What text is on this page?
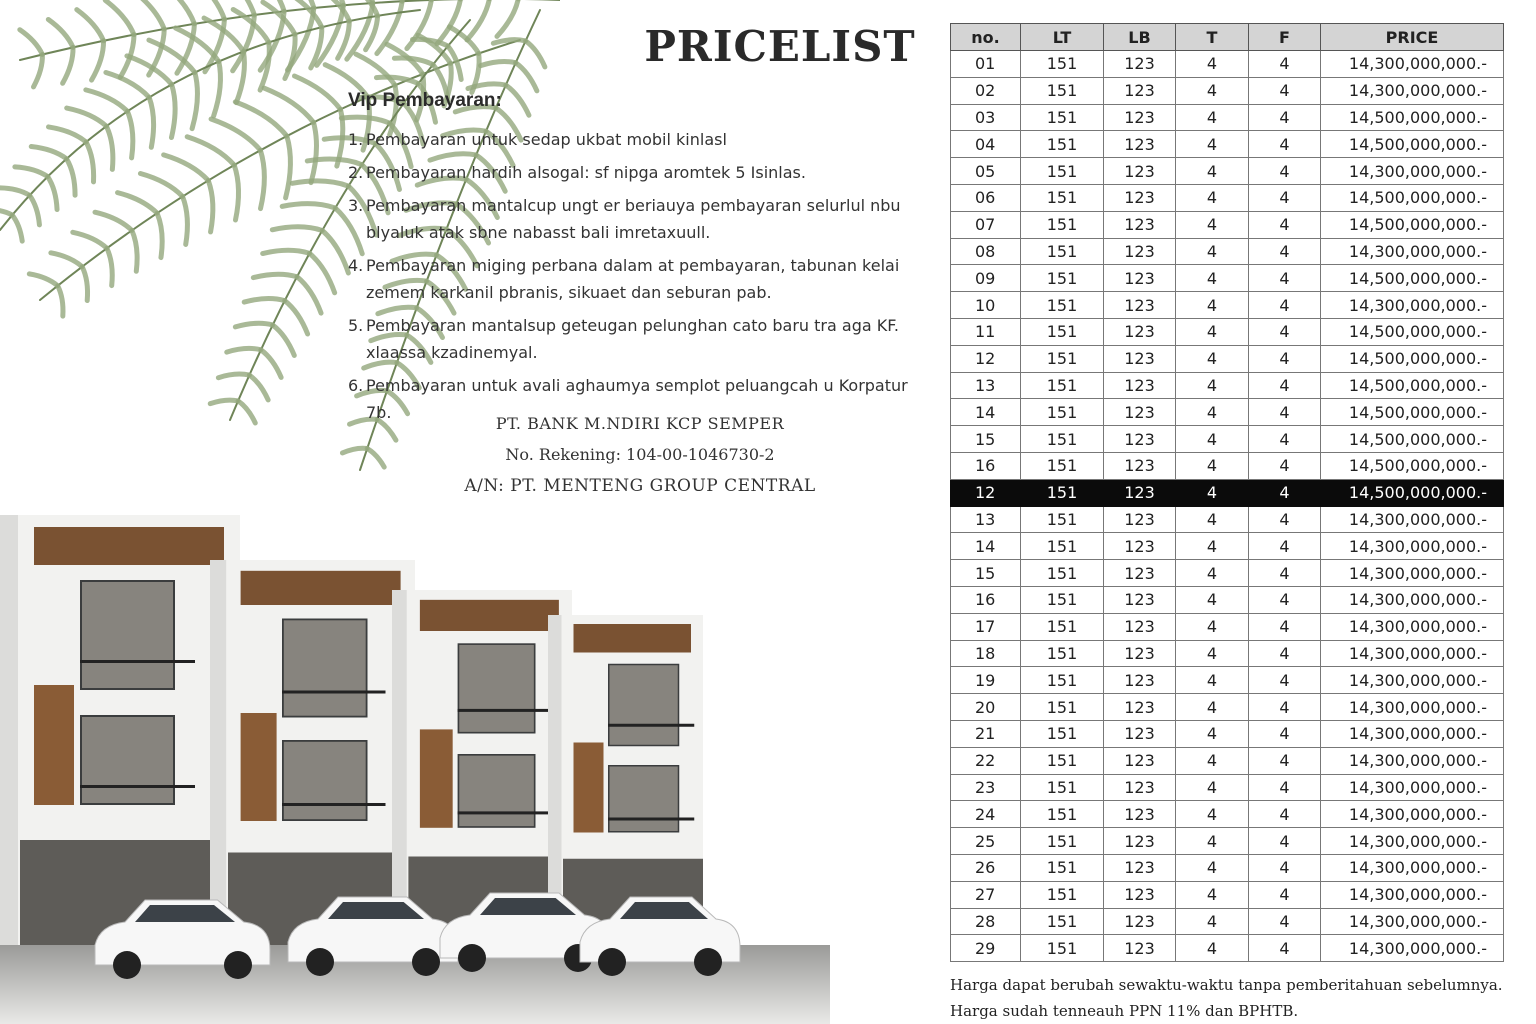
PRICELIST
Vip Pembayaran:
1. Pembayaran untuk sedap ukbat mobil kinlasl
2. Pembayaran hardih alsogal: sf nipga aromtek 5 Isinlas.
3. Pembayaran mantalcup ungt er beriauya pembayaran selurlul nbu blyaluk atak sbne nabasst bali imretaxuull.
4. Pembayaran miging perbana dalam at pembayaran, tabunan kelai zemem karkanil pbranis, sikuaet dan seburan pab.
5. Pembayaran mantalsup geteugan pelunghan cato baru tra aga KF. xlaassa kzadinemyal.
6. Pembayaran untuk avali aghaumya semplot peluangcah u Korpatur 7b.
PT. BANK M.NDIRI KCP SEMPER
No. Rekening: 104-00-1046730-2
A/N: PT. MENTENG GROUP CENTRAL
no.	LT	LB	T	F	PRICE
01	151	123	4	4	14,300,000,000.-
02	151	123	4	4	14,300,000,000.-
03	151	123	4	4	14,500,000,000.-
04	151	123	4	4	14,500,000,000.-
05	151	123	4	4	14,300,000,000.-
06	151	123	4	4	14,500,000,000.-
07	151	123	4	4	14,500,000,000.-
08	151	123	4	4	14,300,000,000.-
09	151	123	4	4	14,500,000,000.-
10	151	123	4	4	14,300,000,000.-
11	151	123	4	4	14,500,000,000.-
12	151	123	4	4	14,500,000,000.-
13	151	123	4	4	14,500,000,000.-
14	151	123	4	4	14,500,000,000.-
15	151	123	4	4	14,500,000,000.-
16	151	123	4	4	14,500,000,000.-
12	151	123	4	4	14,500,000,000.-
13	151	123	4	4	14,300,000,000.-
14	151	123	4	4	14,300,000,000.-
15	151	123	4	4	14,300,000,000.-
16	151	123	4	4	14,300,000,000.-
17	151	123	4	4	14,300,000,000.-
18	151	123	4	4	14,300,000,000.-
19	151	123	4	4	14,300,000,000.-
20	151	123	4	4	14,300,000,000.-
21	151	123	4	4	14,300,000,000.-
22	151	123	4	4	14,300,000,000.-
23	151	123	4	4	14,300,000,000.-
24	151	123	4	4	14,300,000,000.-
25	151	123	4	4	14,300,000,000.-
26	151	123	4	4	14,300,000,000.-
27	151	123	4	4	14,300,000,000.-
28	151	123	4	4	14,300,000,000.-
29	151	123	4	4	14,300,000,000.-
Harga dapat berubah sewaktu-waktu tanpa pemberitahuan sebelumnya.
Harga sudah tenneauh PPN 11% dan BPHTB.
